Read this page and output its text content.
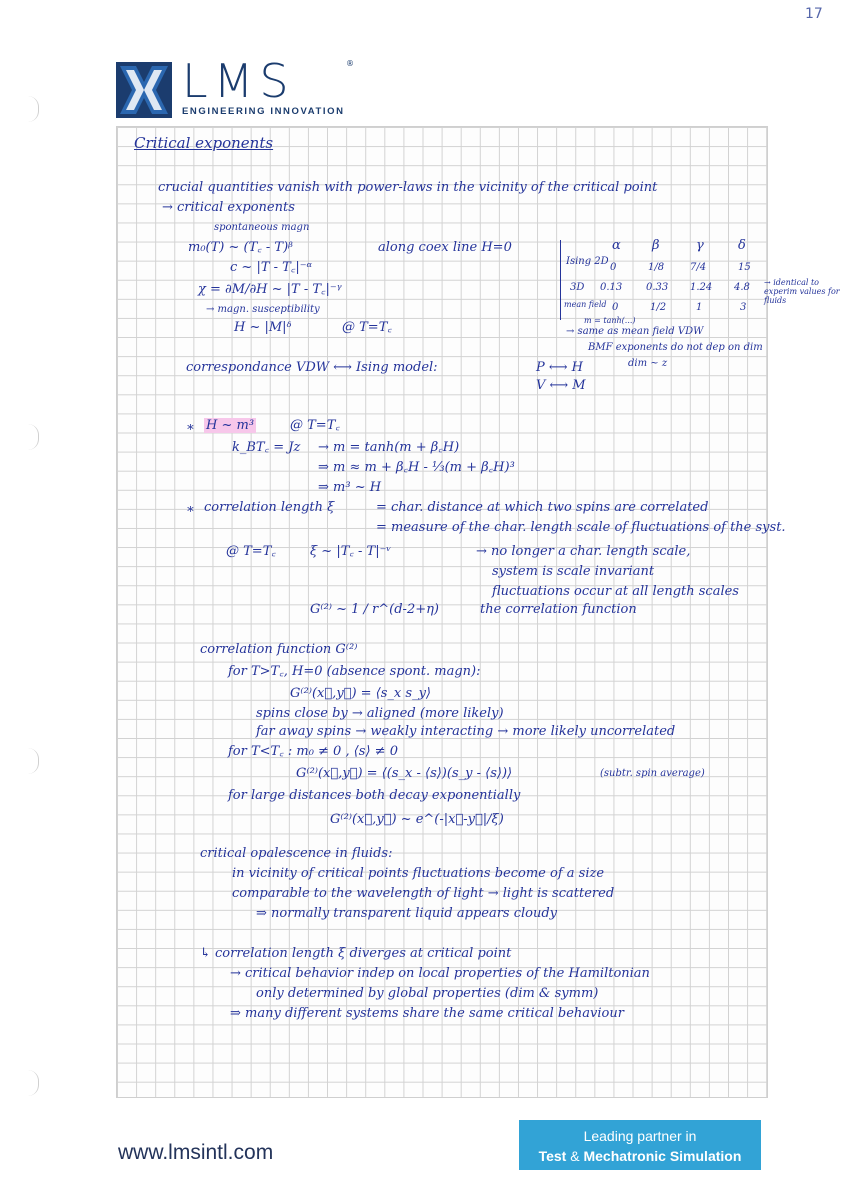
17
LMS	®
ENGINEERING INNOVATION
Critical exponents
crucial quantities vanish with power-laws in the vicinity of the critical point
→ critical exponents
spontaneous magn
m₀(T) ~ (T꜀ - T)ᵝ	along coex line H=0
c ~ |T - T꜀|⁻ᵅ
χ = ∂M/∂H ~ |T - T꜀|⁻ᵞ
→ magn. susceptibility
H ~ |M|ᵟ	@ T=T꜀
α β	γ	δ
Ising 2D
0	1/8	7/4	15
3D 0.13 0.33 1.24 4.8
mean field 0	1/2	1	3
→ identical to experim values for fluids
m = tanh(...)
→ same as mean field VDW
BMF exponents do not dep on dim
dim ~ z
correspondance VDW ⟷ Ising model:	P ⟷ H
V ⟷ M
∗ H ~ m³	@ T=T꜀
k_BT꜀ = Jz → m = tanh(m + β꜀H)
⇒ m ≈ m + β꜀H - ⅓(m + β꜀H)³
⇒ m³ ~ H
∗ correlation length ξ	= char. distance at which two spins are correlated
= measure of the char. length scale of fluctuations of the syst.
@ T=T꜀	ξ ~ |T꜀ - T|⁻ᵛ	→ no longer a char. length scale,
system is scale invariant
fluctuations occur at all length scales
G⁽²⁾ ~ 1 / r^(d-2+η)	the correlation function
correlation function G⁽²⁾
for T>T꜀, H=0 (absence spont. magn):
G⁽²⁾(x⃗,y⃗) = ⟨s_x s_y⟩
spins close by → aligned (more likely)
far away spins → weakly interacting → more likely uncorrelated
for T<T꜀ : m₀ ≠ 0 , ⟨s⟩ ≠ 0
G⁽²⁾(x⃗,y⃗) = ⟨(s_x - ⟨s⟩)(s_y - ⟨s⟩)⟩	(subtr. spin average)
for large distances both decay exponentially
G⁽²⁾(x⃗,y⃗) ~ e^(-|x⃗-y⃗|/ξ)
critical opalescence in fluids:
in vicinity of critical points fluctuations become of a size
comparable to the wavelength of light → light is scattered
⇒ normally transparent liquid appears cloudy
↳ correlation length ξ diverges at critical point
→ critical behavior indep on local properties of the Hamiltonian
only determined by global properties (dim & symm)
⇒ many different systems share the same critical behaviour
www.lmsintl.com
Leading partner in
Test & Mechatronic Simulation
